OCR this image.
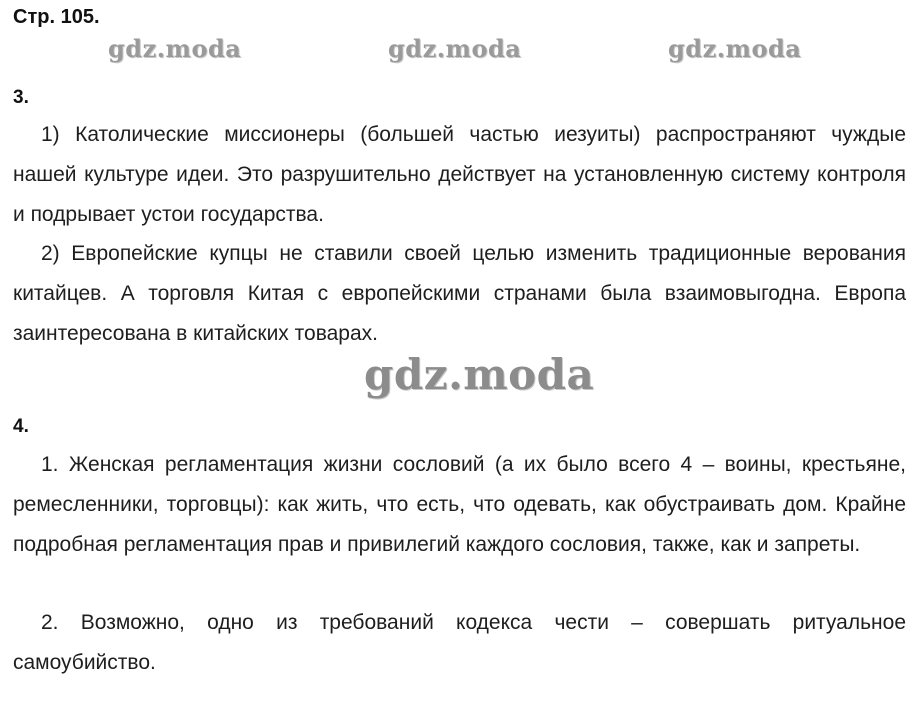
Стр. 105.
gdz.moda	gdz.moda	gdz.moda
3.

1) Католические миссионеры (большей частью иезуиты) распространяют чуждые нашей культуре идеи. Это разрушительно действует на установленную систему контроля и подрывает устои государства.

2) Европейские купцы не ставили своей целью изменить традиционные верования китайцев. А торговля Китая с европейскими странами была взаимовыгодна. Европа заинтересована в китайских товарах.

gdz.moda
4.

1. Женская регламентация жизни сословий (а их было всего 4 – воины, крестьяне, ремесленники, торговцы): как жить, что есть, что одевать, как обустраивать дом. Крайне подробная регламентация прав и привилегий каждого сословия, также, как и запреты.

2. Возможно, одно из требований кодекса чести – совершать ритуальное самоубийство.
